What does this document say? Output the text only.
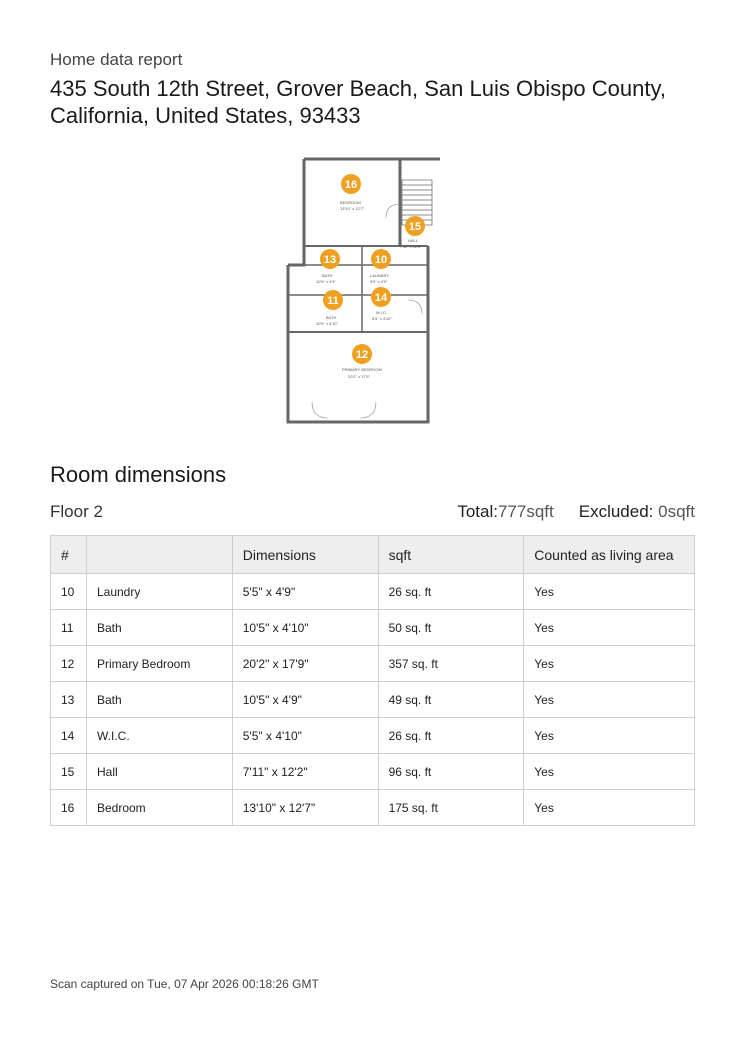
Home data report
435 South 12th Street, Grover Beach, San Luis Obispo County, California, United States, 93433
BEDROOM
13'10" x 12'7"
HALL
7'11" x 12'2"
BATH
10'5" x 4'9"
LAUNDRY
5'5" x 4'9"
BATH
10'5" x 4'10"
W.I.C.
5'5" x 4'10"
PRIMARY BEDROOM
20'2" x 17'9"
16
15
13	10
11	14
12
Room dimensions
Floor 2	Total:777sqft Excluded: 0sqft
#		Dimensions	sqft	Counted as living area
10	Laundry	5'5" x 4'9"	26 sq. ft	Yes
11	Bath	10'5" x 4'10"	50 sq. ft	Yes
12	Primary Bedroom	20'2" x 17'9"	357 sq. ft	Yes
13	Bath	10'5" x 4'9"	49 sq. ft	Yes
14	W.I.C.	5'5" x 4'10"	26 sq. ft	Yes
15	Hall	7'11" x 12'2"	96 sq. ft	Yes
16	Bedroom	13'10" x 12'7"	175 sq. ft	Yes
Scan captured on Tue, 07 Apr 2026 00:18:26 GMT
